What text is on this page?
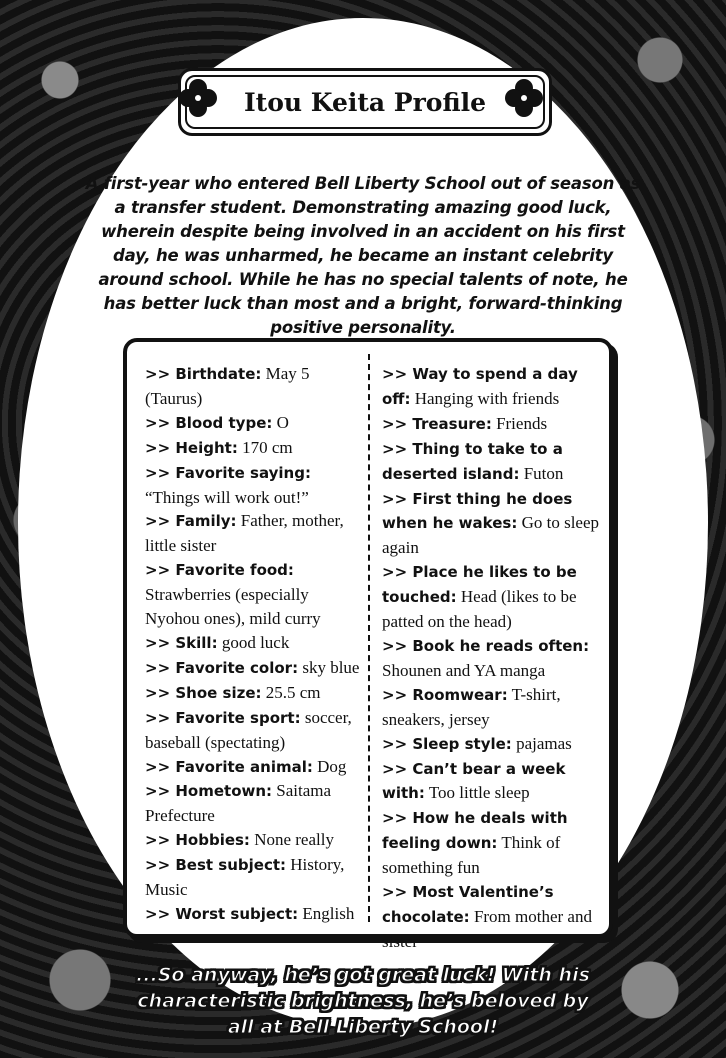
Itou Keita Profile
A first-year who entered Bell Liberty School out of season as a transfer student. Demonstrating amazing good luck, wherein despite being involved in an accident on his first day, he was unharmed, he became an instant celebrity around school. While he has no special talents of note, he has better luck than most and a bright, forward-thinking positive personality.

>> Birthdate: May 5 (Taurus)

>> Blood type: O

>> Height: 170 cm

>> Favorite saying: “Things will work out!”

>> Family: Father, mother, little sister

>> Favorite food: Strawberries (especially Nyohou ones), mild curry

>> Skill: good luck

>> Favorite color: sky blue

>> Shoe size: 25.5 cm

>> Favorite sport: soccer, baseball (spectating)

>> Favorite animal: Dog

>> Hometown: Saitama Prefecture

>> Hobbies: None really

>> Best subject: History, Music

>> Worst subject: English

>> Way to spend a day off: Hanging with friends

>> Treasure: Friends

>> Thing to take to a deserted island: Futon

>> First thing he does when he wakes: Go to sleep again

>> Place he likes to be touched: Head (likes to be patted on the head)

>> Book he reads often: Shounen and YA manga

>> Roomwear: T-shirt, sneakers, jersey

>> Sleep style: pajamas

>> Can’t bear a week with: Too little sleep

>> How he deals with feeling down: Think of something fun

>> Most Valentine’s chocolate: From mother and sister

...So anyway, he’s got great luck! With his characteristic brightness, he’s beloved by all at Bell Liberty School!
